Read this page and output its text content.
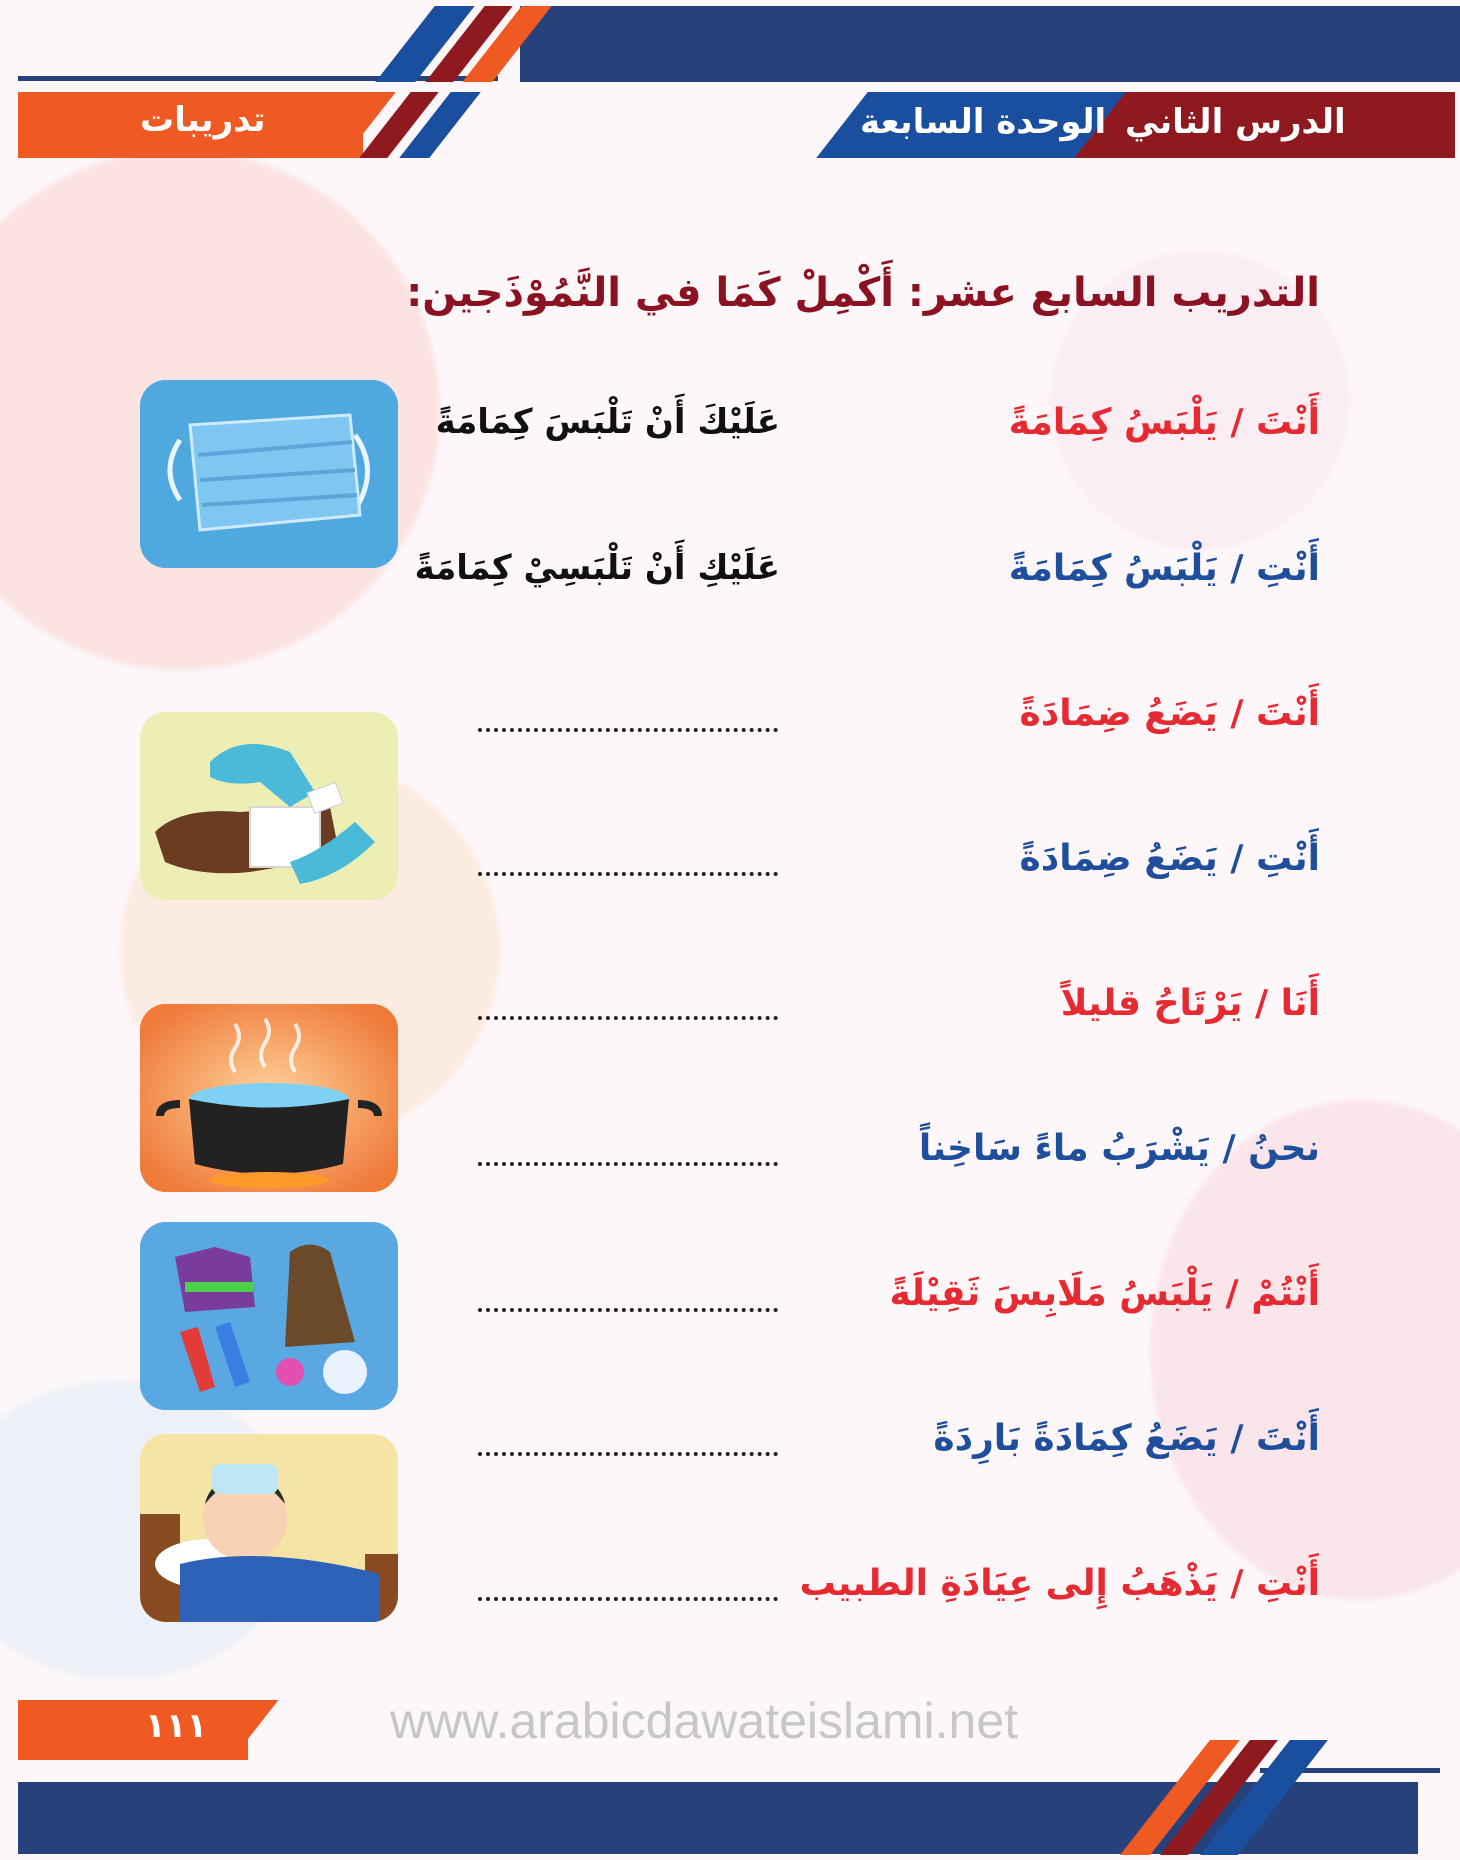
تدريبات	الوحدة السابعة الدرس الثاني
التدريب السابع عشر: أَكْمِلْ كَمَا في النَّمُوْذَجين:
أَنْتَ / يَلْبَسُ كِمَامَةً
عَلَيْكَ أَنْ تَلْبَسَ كِمَامَةً
أَنْتِ / يَلْبَسُ كِمَامَةً
عَلَيْكِ أَنْ تَلْبَسِيْ كِمَامَةً
أَنْتَ / يَضَعُ ضِمَادَةً
أَنْتِ / يَضَعُ ضِمَادَةً
أَنَا / يَرْتَاحُ قليلاً
نحنُ / يَشْرَبُ ماءً سَاخِناً
أَنْتُمْ / يَلْبَسُ مَلَابِسَ ثَقِيْلَةً
أَنْتَ / يَضَعُ كِمَادَةً بَارِدَةً
أَنْتِ / يَذْهَبُ إِلى عِيَادَةِ الطبيب
١١١	www.arabicdawateislami.net
